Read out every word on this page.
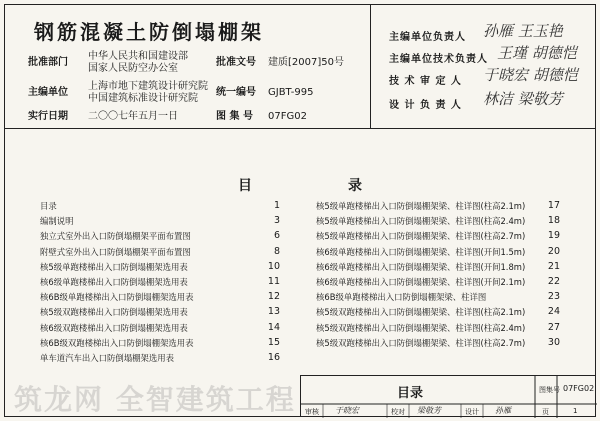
钢筋混凝土防倒塌棚架
批准部门
中华人民共和国建设部
国家人民防空办公室
批准文号 建质[2007]50号
主编单位
上海市地下建筑设计研究院
中国建筑标准设计研究院
统一编号 GJBT-995
实行日期 二〇〇七年五月一日	图 集 号 07FG02
主编单位负责人 孙雁 王玉艳
主编单位技术负责人 王瑾 胡德恺
技 术 审 定 人 于晓宏 胡德恺
设 计 负 责 人 林洁 梁敬芳
目	录
目录	1
编制说明	3
独立式室外出入口防倒塌棚架平面布置图	6
附壁式室外出入口防倒塌棚架平面布置图	8
核5级单跑楼梯出入口防倒塌棚架选用表	10
核6级单跑楼梯出入口防倒塌棚架选用表	11
核6B级单跑楼梯出入口防倒塌棚架选用表	12
核5级双跑楼梯出入口防倒塌棚架选用表	13
核6级双跑楼梯出入口防倒塌棚架选用表	14
核6B级双跑楼梯出入口防倒塌棚架选用表	15
单车道汽车出入口防倒塌棚架选用表	16
核5级单跑楼梯出入口防倒塌棚架梁、柱详图(柱高2.1m) 17
核5级单跑楼梯出入口防倒塌棚架梁、柱详图(柱高2.4m) 18
核5级单跑楼梯出入口防倒塌棚架梁、柱详图(柱高2.7m) 19
核6级单跑楼梯出入口防倒塌棚架梁、柱详图(开间1.5m) 20
核6级单跑楼梯出入口防倒塌棚架梁、柱详图(开间1.8m) 21
核6级单跑楼梯出入口防倒塌棚架梁、柱详图(开间2.1m) 22
核6B级单跑楼梯出入口防倒塌棚架梁、柱详图	23
核5级双跑楼梯出入口防倒塌棚架梁、柱详图(柱高2.1m) 24
核5级双跑楼梯出入口防倒塌棚架梁、柱详图(柱高2.4m) 27
核5级双跑楼梯出入口防倒塌棚架梁、柱详图(柱高2.7m) 30
筑龙网 全智建筑工程	目录	图集号 07FG02
审核 于晓宏	校对 梁敬芳	设计 孙雁	页	1
